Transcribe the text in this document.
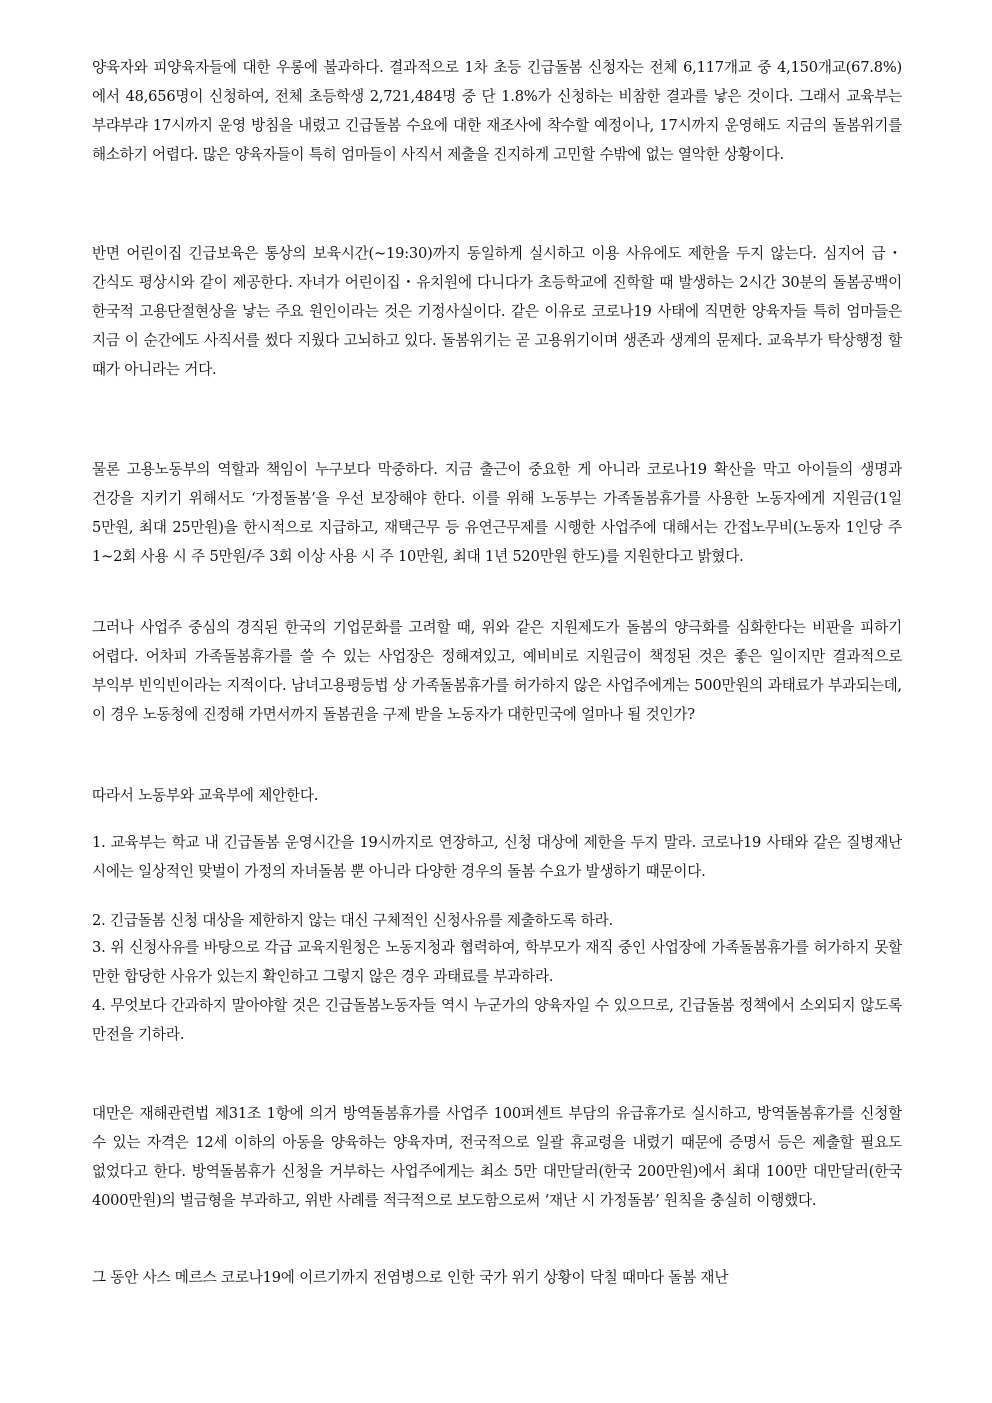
양육자와 피양육자들에 대한 우롱에 불과하다. 결과적으로 1차 초등 긴급돌봄 신청자는 전체 6,117개교 중 4,150개교(67.8%)에서 48,656명이 신청하여, 전체 초등학생 2,721,484명 중 단 1.8%가 신청하는 비참한 결과를 낳은 것이다. 그래서 교육부는 부랴부랴 17시까지 운영 방침을 내렸고 긴급돌봄 수요에 대한 재조사에 착수할 예정이나, 17시까지 운영해도 지금의 돌봄위기를 해소하기 어렵다. 많은 양육자들이 특히 엄마들이 사직서 제출을 진지하게 고민할 수밖에 없는 열악한 상황이다.

반면 어린이집 긴급보육은 통상의 보육시간(~19:30)까지 동일하게 실시하고 이용 사유에도 제한을 두지 않는다. 심지어 급・간식도 평상시와 같이 제공한다. 자녀가 어린이집・유치원에 다니다가 초등학교에 진학할 때 발생하는 2시간 30분의 돌봄공백이 한국적 고용단절현상을 낳는 주요 원인이라는 것은 기정사실이다. 같은 이유로 코로나19 사태에 직면한 양육자들 특히 엄마들은 지금 이 순간에도 사직서를 썼다 지웠다 고뇌하고 있다. 돌봄위기는 곧 고용위기이며 생존과 생계의 문제다. 교육부가 탁상행정 할 때가 아니라는 거다.

물론 고용노동부의 역할과 책임이 누구보다 막중하다. 지금 출근이 중요한 게 아니라 코로나19 확산을 막고 아이들의 생명과 건강을 지키기 위해서도 ‘가정돌봄’을 우선 보장해야 한다. 이를 위해 노동부는 가족돌봄휴가를 사용한 노동자에게 지원금(1일 5만원, 최대 25만원)을 한시적으로 지급하고, 재택근무 등 유연근무제를 시행한 사업주에 대해서는 간접노무비(노동자 1인당 주 1~2회 사용 시 주 5만원/주 3회 이상 사용 시 주 10만원, 최대 1년 520만원 한도)를 지원한다고 밝혔다.

그러나 사업주 중심의 경직된 한국의 기업문화를 고려할 때, 위와 같은 지원제도가 돌봄의 양극화를 심화한다는 비판을 피하기 어렵다. 어차피 가족돌봄휴가를 쓸 수 있는 사업장은 정해져있고, 예비비로 지원금이 책정된 것은 좋은 일이지만 결과적으로 부익부 빈익빈이라는 지적이다. 남녀고용평등법 상 가족돌봄휴가를 허가하지 않은 사업주에게는 500만원의 과태료가 부과되는데, 이 경우 노동청에 진정해 가면서까지 돌봄권을 구제 받을 노동자가 대한민국에 얼마나 될 것인가?

따라서 노동부와 교육부에 제안한다.

1. 교육부는 학교 내 긴급돌봄 운영시간을 19시까지로 연장하고, 신청 대상에 제한을 두지 말라. 코로나19 사태와 같은 질병재난 시에는 일상적인 맞벌이 가정의 자녀돌봄 뿐 아니라 다양한 경우의 돌봄 수요가 발생하기 때문이다.

2. 긴급돌봄 신청 대상을 제한하지 않는 대신 구체적인 신청사유를 제출하도록 하라.

3. 위 신청사유를 바탕으로 각급 교육지원청은 노동지청과 협력하여, 학부모가 재직 중인 사업장에 가족돌봄휴가를 허가하지 못할 만한 합당한 사유가 있는지 확인하고 그렇지 않은 경우 과태료를 부과하라.

4. 무엇보다 간과하지 말아야할 것은 긴급돌봄노동자들 역시 누군가의 양육자일 수 있으므로, 긴급돌봄 정책에서 소외되지 않도록 만전을 기하라.

대만은 재해관련법 제31조 1항에 의거 방역돌봄휴가를 사업주 100퍼센트 부담의 유급휴가로 실시하고, 방역돌봄휴가를 신청할 수 있는 자격은 12세 이하의 아동을 양육하는 양육자며, 전국적으로 일괄 휴교령을 내렸기 때문에 증명서 등은 제출할 필요도 없었다고 한다. 방역돌봄휴가 신청을 거부하는 사업주에게는 최소 5만 대만달러(한국 200만원)에서 최대 100만 대만달러(한국 4000만원)의 벌금형을 부과하고, 위반 사례를 적극적으로 보도함으로써 ‘재난 시 가정돌봄’ 원칙을 충실히 이행했다.

그 동안 사스 메르스 코로나19에 이르기까지 전염병으로 인한 국가 위기 상황이 닥칠 때마다 돌봄 재난
